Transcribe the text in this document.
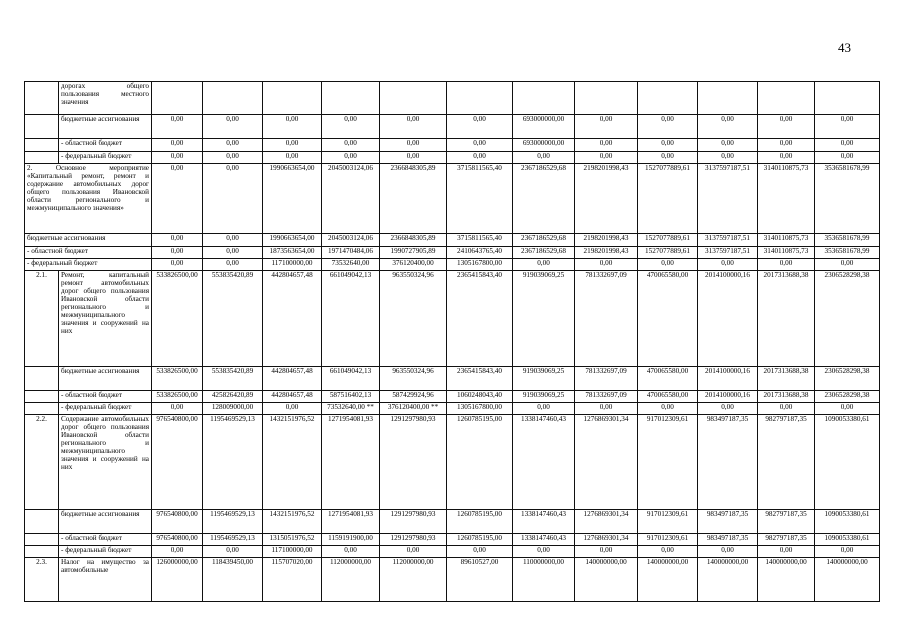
43
	дорогах общего пользования местного значения												
	бюджетные ассигнования	0,00	0,00	0,00	0,00	0,00	0,00	693000000,00	0,00	0,00	0,00	0,00	0,00
	- областной бюджет	0,00	0,00	0,00	0,00	0,00	0,00	693000000,00	0,00	0,00	0,00	0,00	0,00
	- федеральный бюджет	0,00	0,00	0,00	0,00	0,00	0,00	0,00	0,00	0,00	0,00	0,00	0,00
2. Основное мероприятие «Капитальный ремонт, ремонт и содержание автомобильных дорог общего пользования Ивановской области регионального и межмуниципального значения»		0,00	0,00	1990663654,00	2045003124,06	2366848305,89	3715811565,40	2367186529,68	2198201998,43	1527077889,61	3137597187,51	3140110875,73	3536581678,99
бюджетные ассигнования		0,00	0,00	1990663654,00	2045003124,06	2366848305,89	3715811565,40	2367186529,68	2198201998,43	1527077889,61	3137597187,51	3140110875,73	3536581678,99
- областной бюджет		0,00	0,00	1873563654,00	1971470484,06	1990727905,89	2410643765,40	2367186529,68	2198201998,43	1527077889,61	3137597187,51	3140110875,73	3536581678,99
- федеральный бюджет		0,00	0,00	117100000,00	73532640,00	376120400,00	1305167800,00	0,00	0,00	0,00	0,00	0,00	0,00
2.1.	Ремонт, капитальный ремонт автомобильных дорог общего пользования Ивановской области регионального и межмуниципального значения и сооружений на них	533826500,00	553835420,89	442804657,48	661049042,13	963550324,96	2365415843,40	919039069,25	781332697,09	470065580,00	2014100000,16	2017313688,38	2306528298,38
	бюджетные ассигнования	533826500,00	553835420,89	442804657,48	661049042,13	963550324,96	2365415843,40	919039069,25	781332697,09	470065580,00	2014100000,16	2017313688,38	2306528298,38
	- областной бюджет	533826500,00	425826420,89	442804657,48	587516402,13	587429924,96	1060248043,40	919039069,25	781332697,09	470065580,00	2014100000,16	2017313688,38	2306528298,38
	- федеральный бюджет	0,00	128009000,00	0,00	73532640,00 **	376120400,00 **	1305167800,00	0,00	0,00	0,00	0,00	0,00	0,00
2.2.	Содержание автомобильных дорог общего пользования Ивановской области регионального и межмуниципального значения и сооружений на них	976540800,00	1195469529,13	1432151976,52	1271954081,93	1291297980,93	1260785195,00	1338147460,43	1276869301,34	917012309,61	983497187,35	982797187,35	1090053380,61
	бюджетные ассигнования	976540800,00	1195469529,13	1432151976,52	1271954081,93	1291297980,93	1260785195,00	1338147460,43	1276869301,34	917012309,61	983497187,35	982797187,35	1090053380,61
	- областной бюджет	976540800,00	1195469529,13	1315051976,52	1159191900,00	1291297980,93	1260785195,00	1338147460,43	1276869301,34	917012309,61	983497187,35	982797187,35	1090053380,61
	- федеральный бюджет	0,00	0,00	117100000,00	0,00	0,00	0,00	0,00	0,00	0,00	0,00	0,00	0,00
2.3.	Налог на имущество за автомобильные	126000000,00	118439450,00	115707020,00	112000000,00	112000000,00	89610527,00	110000000,00	140000000,00	140000000,00	140000000,00	140000000,00	140000000,00
